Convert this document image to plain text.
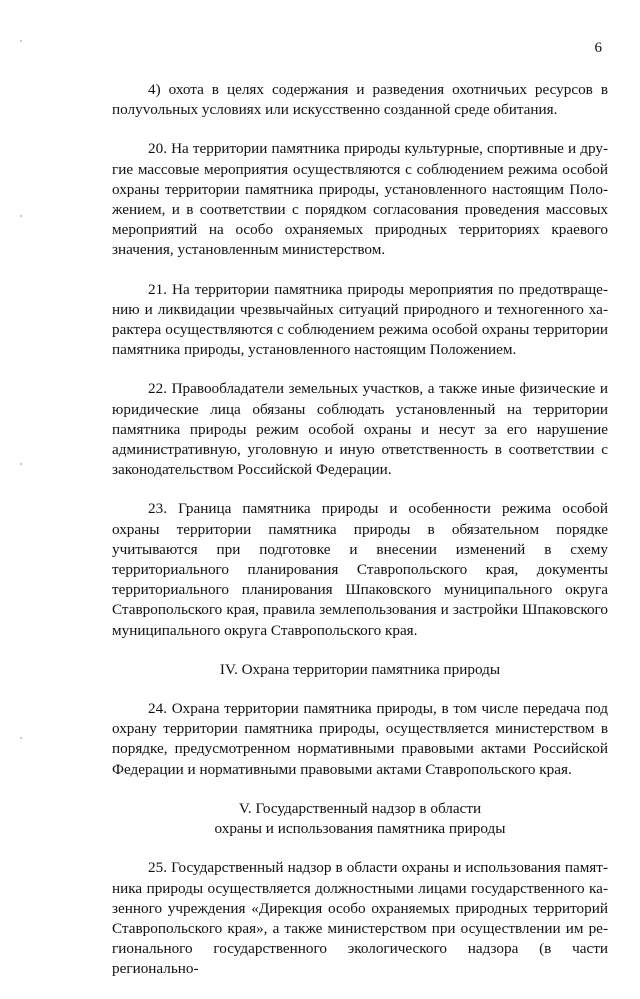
6

4) охота в целях содержания и разведения охотничьих ресурсов в полуvольных условиях или искусственно созданной среде обитания.

20. На территории памятника природы культурные, спортивные и другие массовые мероприятия осуществляются с соблюдением режима особой охраны территории памятника природы, установленного настоящим Положением, и в соответствии с порядком согласования проведения массовых мероприятий на особо охраняемых природных территориях краевого значения, установленным министерством.

21. На территории памятника природы мероприятия по предотвращению и ликвидации чрезвычайных ситуаций природного и техногенного характера осуществляются с соблюдением режима особой охраны территории памятника природы, установленного настоящим Положением.

22. Правообладатели земельных участков, а также иные физические и юридические лица обязаны соблюдать установленный на территории памятника природы режим особой охраны и несут за его нарушение административную, уголовную и иную ответственность в соответствии с законодательством Российской Федерации.

23. Граница памятника природы и особенности режима особой охраны территории памятника природы в обязательном порядке учитываются при подготовке и внесении изменений в схему территориального планирования Ставропольского края, документы территориального планирования Шпаковского муниципального округа Ставропольского края, правила землепользования и застройки Шпаковского муниципального округа Ставропольского края.

IV. Охрана территории памятника природы

24. Охрана территории памятника природы, в том числе передача под охрану территории памятника природы, осуществляется министерством в порядке, предусмотренном нормативными правовыми актами Российской Федерации и нормативными правовыми актами Ставропольского края.

V. Государственный надзор в области
охраны и использования памятника природы

25. Государственный надзор в области охраны и использования памятника природы осуществляется должностными лицами государственного казенного учреждения «Дирекция особо охраняемых природных территорий Ставропольского края», а также министерством при осуществлении им регионального государственного экологического надзора (в части регионально-
